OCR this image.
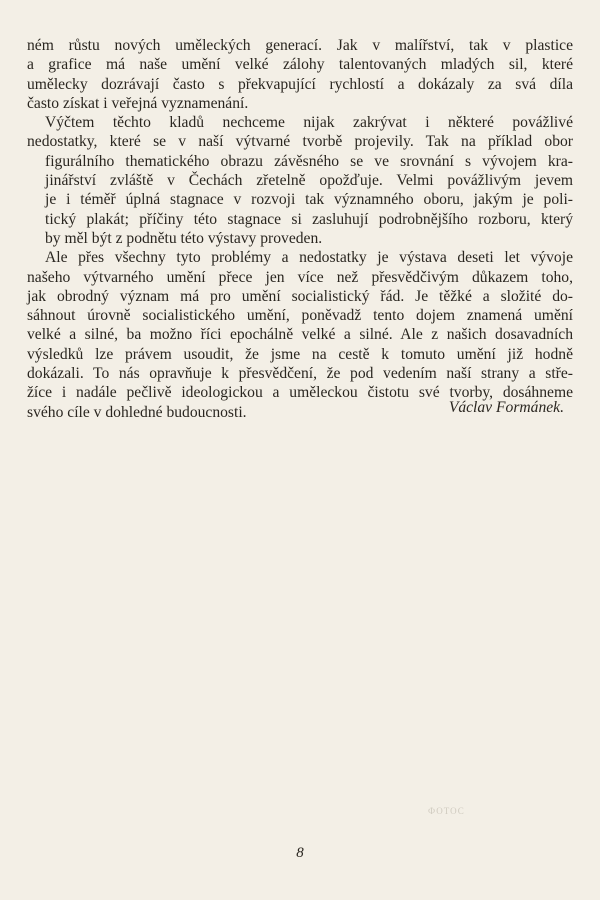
ném růstu nových uměleckých generací. Jak v malířství, tak v plastice
a grafice má naše umění velké zálohy talentovaných mladých sil, které
umělecky dozrávají často s překvapující rychlostí a dokázaly za svá díla
často získat i veřejná vyznamenání.

Výčtem těchto kladů nechceme nijak zakrývat i některé povážlivé
nedostatky, které se v naší výtvarné tvorbě projevily. Tak na příklad obor
figurálního thematického obrazu závěsného se ve srovnání s vývojem kra-
jinářství zvláště v Čechách zřetelně opožďuje. Velmi povážlivým jevem
je i téměř úplná stagnace v rozvoji tak významného oboru, jakým je poli-
tický plakát; příčiny této stagnace si zasluhují podrobnějšího rozboru, který
by měl být z podnětu této výstavy proveden.

Ale přes všechny tyto problémy a nedostatky je výstava deseti let vývoje
našeho výtvarného umění přece jen více než přesvědčivým důkazem toho,
jak obrodný význam má pro umění socialistický řád. Je těžké a složité do-
sáhnout úrovně socialistického umění, poněvadž tento dojem znamená umění
velké a silné, ba možno říci epochálně velké a silné. Ale z našich dosavadních
výsledků lze právem usoudit, že jsme na cestě k tomuto umění již hodně
dokázali. To nás opravňuje k přesvědčení, že pod vedením naší strany a stře-
žíce i nadále pečlivě ideologickou a uměleckou čistotu své tvorby, dosáhneme
svého cíle v dohledné budoucnosti.	Václav Formánek.
ФОТОС
8
